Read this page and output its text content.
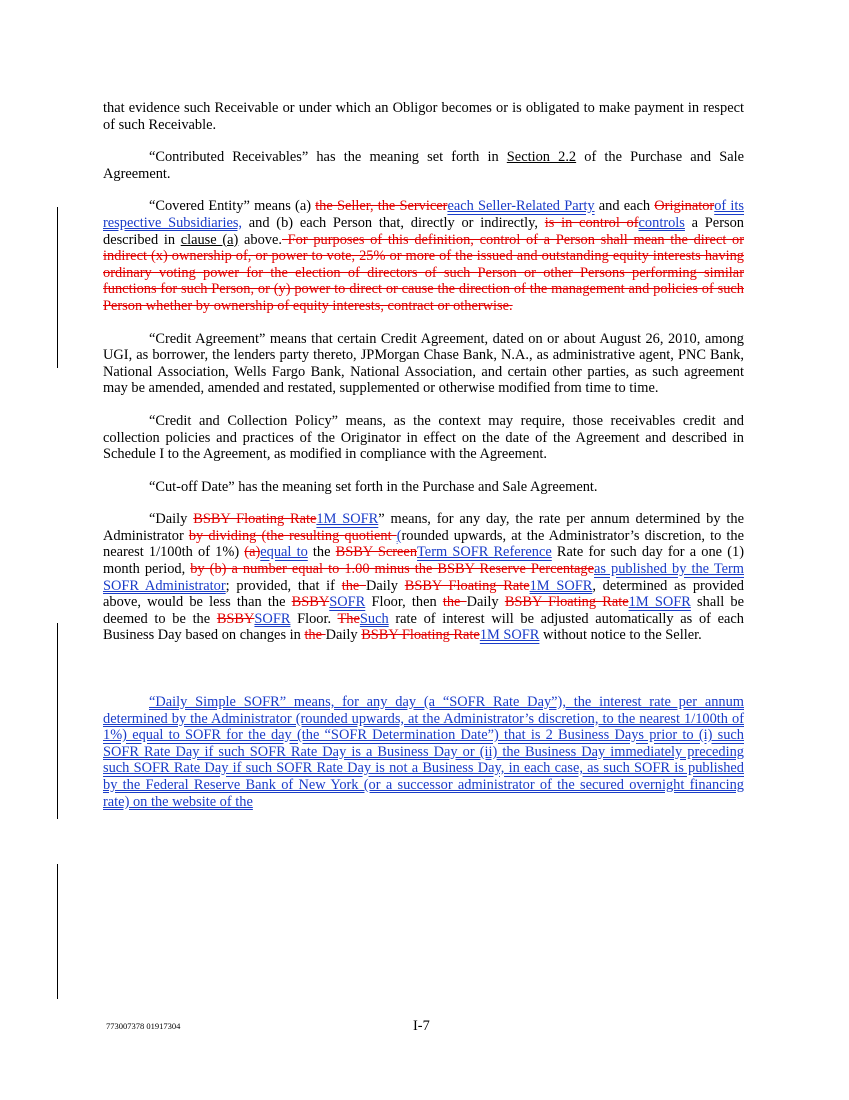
that evidence such Receivable or under which an Obligor becomes or is obligated to make payment in respect of such Receivable.

“Contributed Receivables” has the meaning set forth in Section 2.2 of the Purchase and Sale Agreement.

“Covered Entity” means (a) the Seller, the Servicereach Seller-Related Party and each Originatorof its respective Subsidiaries, and (b) each Person that, directly or indirectly, is in control ofcontrols a Person described in clause (a) above. For purposes of this definition, control of a Person shall mean the direct or indirect (x) ownership of, or power to vote, 25% or more of the issued and outstanding equity interests having ordinary voting power for the election of directors of such Person or other Persons performing similar functions for such Person, or (y) power to direct or cause the direction of the management and policies of such Person whether by ownership of equity interests, contract or otherwise.

“Credit Agreement” means that certain Credit Agreement, dated on or about August 26, 2010, among UGI, as borrower, the lenders party thereto, JPMorgan Chase Bank, N.A., as administrative agent, PNC Bank, National Association, Wells Fargo Bank, National Association, and certain other parties, as such agreement may be amended, amended and restated, supplemented or otherwise modified from time to time.

“Credit and Collection Policy” means, as the context may require, those receivables credit and collection policies and practices of the Originator in effect on the date of the Agreement and described in Schedule I to the Agreement, as modified in compliance with the Agreement.

“Cut-off Date” has the meaning set forth in the Purchase and Sale Agreement.

“Daily BSBY Floating Rate1M SOFR” means, for any day, the rate per annum determined by the Administrator by dividing (the resulting quotient (rounded upwards, at the Administrator’s discretion, to the nearest 1/100th of 1%) (a)equal to the BSBY ScreenTerm SOFR Reference Rate for such day for a one (1) month period, by (b) a number equal to 1.00 minus the BSBY Reserve Percentageas published by the Term SOFR Administrator; provided, that if the Daily BSBY Floating Rate1M SOFR, determined as provided above, would be less than the BSBYSOFR Floor, then the Daily BSBY Floating Rate1M SOFR shall be deemed to be the BSBYSOFR Floor. TheSuch rate of interest will be adjusted automatically as of each Business Day based on changes in the Daily BSBY Floating Rate1M SOFR without notice to the Seller.

“Daily Simple SOFR” means, for any day (a “SOFR Rate Day”), the interest rate per annum determined by the Administrator (rounded upwards, at the Administrator’s discretion, to the nearest 1/100th of 1%) equal to SOFR for the day (the “SOFR Determination Date”) that is 2 Business Days prior to (i) such SOFR Rate Day if such SOFR Rate Day is a Business Day or (ii) the Business Day immediately preceding such SOFR Rate Day if such SOFR Rate Day is not a Business Day, in each case, as such SOFR is published by the Federal Reserve Bank of New York (or a successor administrator of the secured overnight financing rate) on the website of the

773007378 01917304	I-7
